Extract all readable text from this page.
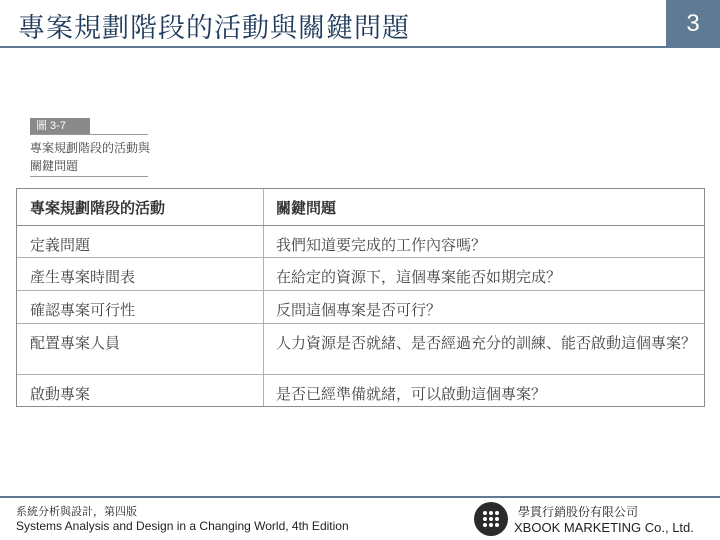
專案規劃階段的活動與關鍵問題	3
圖 3-7
專案規劃階段的活動與關鍵問題
專案規劃階段的活動	關鍵問題
定義問題	我們知道要完成的工作內容嗎？
產生專案時間表	在給定的資源下，這個專案能否如期完成？
確認專案可行性	反問這個專案是否可行？
配置專案人員	人力資源是否就緒、是否經過充分的訓練、能否啟動這個專案？
啟動專案	是否已經準備就緒，可以啟動這個專案？
系統分析與設計，第四版
Systems Analysis and Design in a Changing World, 4th Edition
學貫行銷股份有限公司
XBOOK MARKETING Co., Ltd.
